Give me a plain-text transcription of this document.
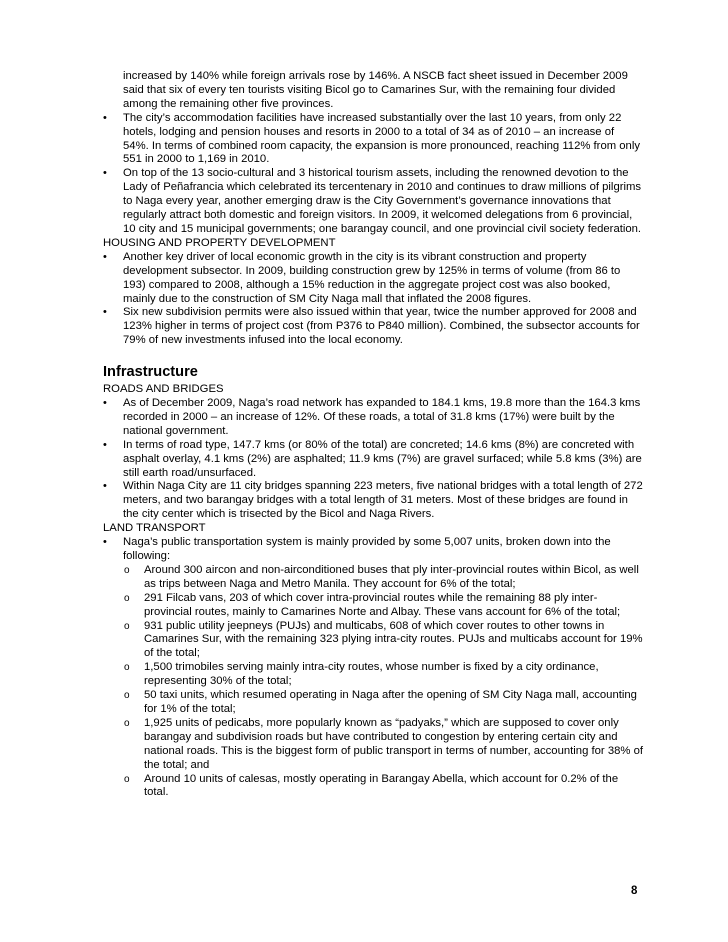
increased by 140% while foreign arrivals rose by 146%. A NSCB fact sheet issued in December 2009 said that six of every ten tourists visiting Bicol go to Camarines Sur, with the remaining four divided among the remaining other five provinces.
•	The city’s accommodation facilities have increased substantially over the last 10 years, from only 22 hotels, lodging and pension houses and resorts in 2000 to a total of 34 as of 2010 – an increase of 54%. In terms of combined room capacity, the expansion is more pronounced, reaching 112% from only 551 in 2000 to 1,169 in 2010.
•	On top of the 13 socio-cultural and 3 historical tourism assets, including the renowned devotion to the Lady of Peñafrancia which celebrated its tercentenary in 2010 and continues to draw millions of pilgrims to Naga every year, another emerging draw is the City Government’s governance innovations that regularly attract both domestic and foreign visitors. In 2009, it welcomed delegations from 6 provincial, 10 city and 15 municipal governments; one barangay council, and one provincial civil society federation.
HOUSING AND PROPERTY DEVELOPMENT
•	Another key driver of local economic growth in the city is its vibrant construction and property development subsector. In 2009, building construction grew by 125% in terms of volume (from 86 to 193) compared to 2008, although a 15% reduction in the aggregate project cost was also booked, mainly due to the construction of SM City Naga mall that inflated the 2008 figures.
•	Six new subdivision permits were also issued within that year, twice the number approved for 2008 and 123% higher in terms of project cost (from P376 to P840 million). Combined, the subsector accounts for 79% of new investments infused into the local economy.
Infrastructure
ROADS AND BRIDGES
•	As of December 2009, Naga’s road network has expanded to 184.1 kms, 19.8 more than the 164.3 kms recorded in 2000 – an increase of 12%. Of these roads, a total of 31.8 kms (17%) were built by the national government.
•	In terms of road type, 147.7 kms (or 80% of the total) are concreted; 14.6 kms (8%) are concreted with asphalt overlay, 4.1 kms (2%) are asphalted; 11.9 kms (7%) are gravel surfaced; while 5.8 kms (3%) are still earth road/unsurfaced.
•	Within Naga City are 11 city bridges spanning 223 meters, five national bridges with a total length of 272 meters, and two barangay bridges with a total length of 31 meters. Most of these bridges are found in the city center which is trisected by the Bicol and Naga Rivers.
LAND TRANSPORT
•	Naga’s public transportation system is mainly provided by some 5,007 units, broken down into the following:
o Around 300 aircon and non-airconditioned buses that ply inter-provincial routes within Bicol, as well as trips between Naga and Metro Manila. They account for 6% of the total;
o 291 Filcab vans, 203 of which cover intra-provincial routes while the remaining 88 ply inter-provincial routes, mainly to Camarines Norte and Albay. These vans account for 6% of the total;
o 931 public utility jeepneys (PUJs) and multicabs, 608 of which cover routes to other towns in Camarines Sur, with the remaining 323 plying intra-city routes. PUJs and multicabs account for 19% of the total;
o 1,500 trimobiles serving mainly intra-city routes, whose number is fixed by a city ordinance, representing 30% of the total;
o 50 taxi units, which resumed operating in Naga after the opening of SM City Naga mall, accounting for 1% of the total;
o 1,925 units of pedicabs, more popularly known as “padyaks,” which are supposed to cover only barangay and subdivision roads but have contributed to congestion by entering certain city and national roads. This is the biggest form of public transport in terms of number, accounting for 38% of the total; and
o Around 10 units of calesas, mostly operating in Barangay Abella, which account for 0.2% of the total.
8
